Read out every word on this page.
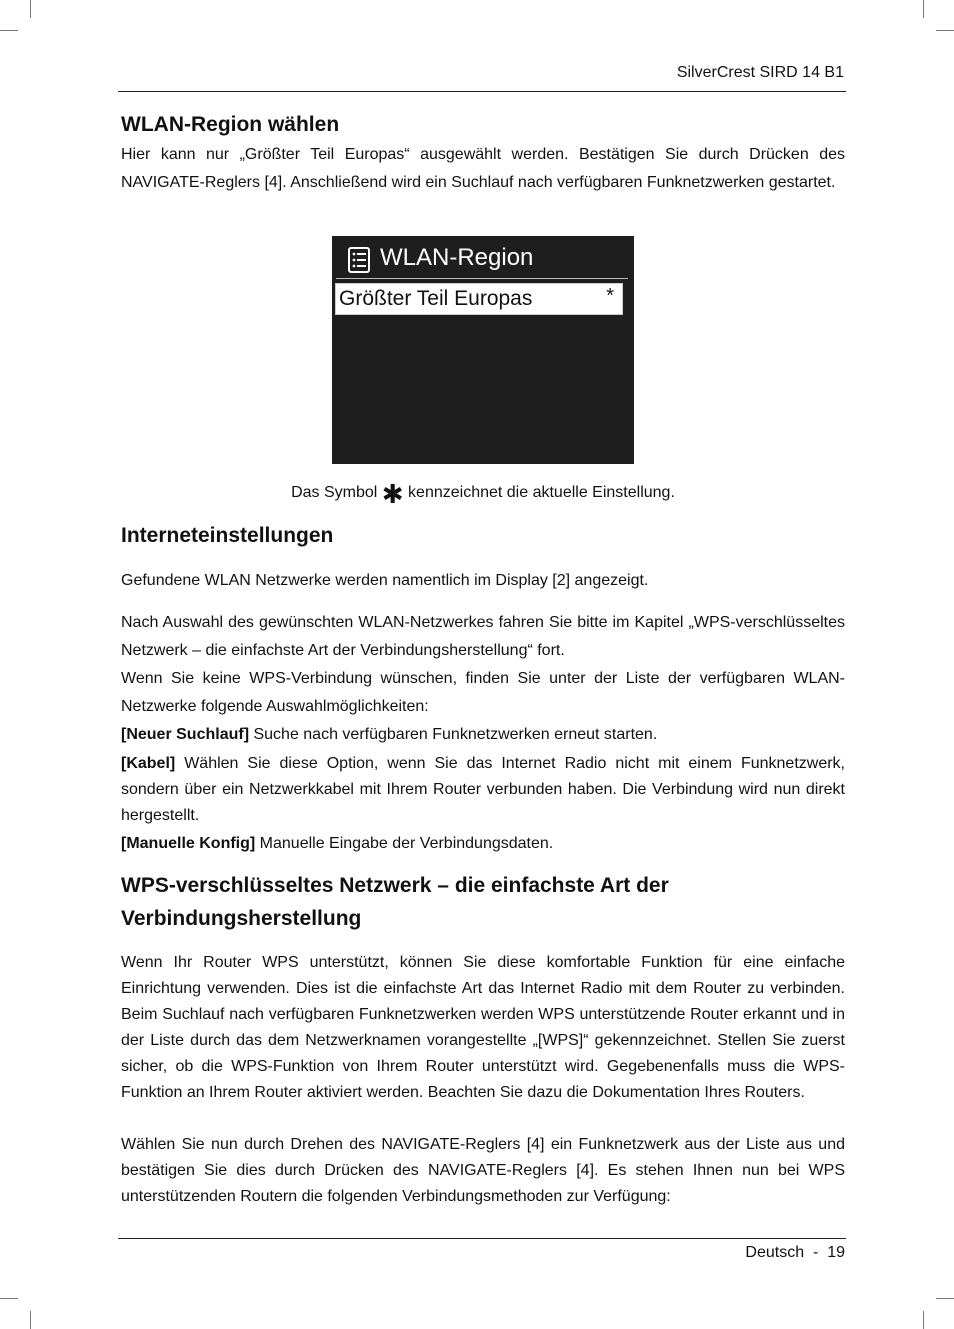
SilverCrest SIRD 14 B1
WLAN-Region wählen

Hier kann nur „Größter Teil Europas“ ausgewählt werden. Bestätigen Sie durch Drücken des NAVIGATE-Reglers [4]. Anschließend wird ein Suchlauf nach verfügbaren Funknetzwerken gestartet.

WLAN-Region
Größter Teil Europas	*
Das Symbol ✱ kennzeichnet die aktuelle Einstellung.
Interneteinstellungen

Gefundene WLAN Netzwerke werden namentlich im Display [2] angezeigt.

Nach Auswahl des gewünschten WLAN-Netzwerkes fahren Sie bitte im Kapitel „WPS-verschlüsseltes Netzwerk – die einfachste Art der Verbindungsherstellung“ fort.

Wenn Sie keine WPS-Verbindung wünschen, finden Sie unter der Liste der verfügbaren WLAN-Netzwerke folgende Auswahlmöglichkeiten:

[Neuer Suchlauf] Suche nach verfügbaren Funknetzwerken erneut starten.

[Kabel] Wählen Sie diese Option, wenn Sie das Internet Radio nicht mit einem Funknetzwerk, sondern über ein Netzwerkkabel mit Ihrem Router verbunden haben. Die Verbindung wird nun direkt hergestellt.

[Manuelle Konfig] Manuelle Eingabe der Verbindungsdaten.

WPS-verschlüsseltes Netzwerk – die einfachste Art der
Verbindungsherstellung

Wenn Ihr Router WPS unterstützt, können Sie diese komfortable Funktion für eine einfache Einrichtung verwenden. Dies ist die einfachste Art das Internet Radio mit dem Router zu verbinden. Beim Suchlauf nach verfügbaren Funknetzwerken werden WPS unterstützende Router erkannt und in der Liste durch das dem Netzwerknamen vorangestellte „[WPS]“ gekennzeichnet. Stellen Sie zuerst sicher, ob die WPS-Funktion von Ihrem Router unterstützt wird. Gegebenenfalls muss die WPS-Funktion an Ihrem Router aktiviert werden. Beachten Sie dazu die Dokumentation Ihres Routers.

Wählen Sie nun durch Drehen des NAVIGATE-Reglers [4] ein Funknetzwerk aus der Liste aus und bestätigen Sie dies durch Drücken des NAVIGATE-Reglers [4]. Es stehen Ihnen nun bei WPS unterstützenden Routern die folgenden Verbindungsmethoden zur Verfügung:

Deutsch  -  19
